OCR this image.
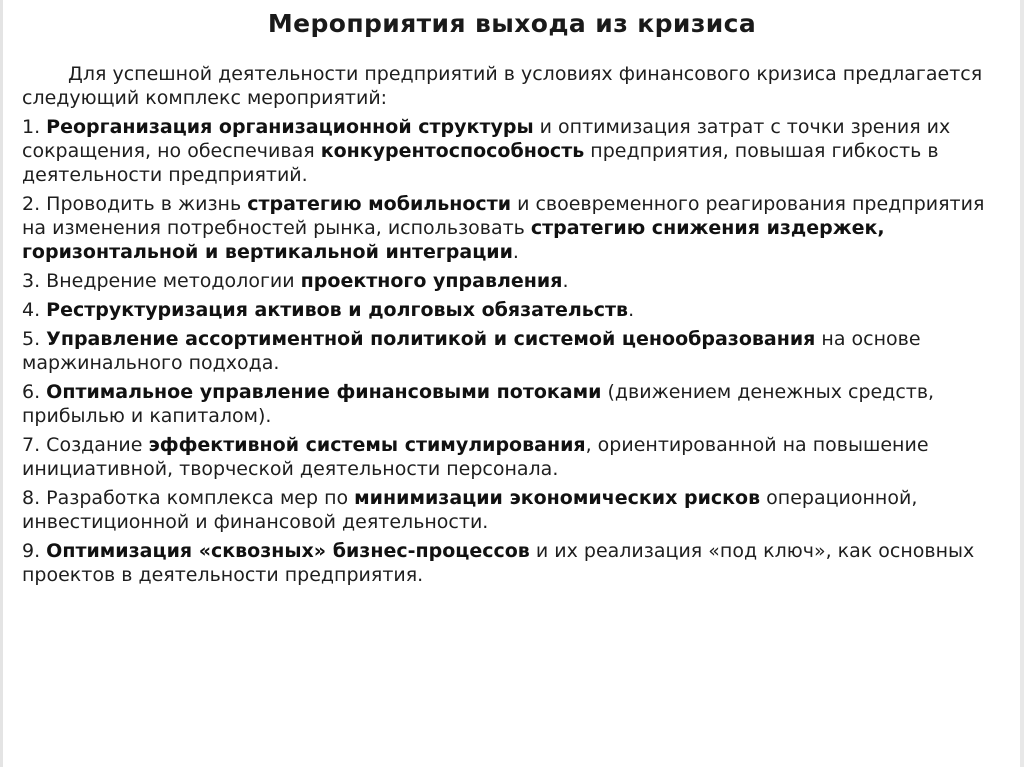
Мероприятия выхода из кризиса

Для успешной деятельности предприятий в условиях финансового кризиса предлагается следующий комплекс мероприятий:

1. Реорганизация организационной структуры и оптимизация затрат с точки зрения их сокращения, но обеспечивая конкурентоспособность предприятия, повышая гибкость в деятельности предприятий.

2. Проводить в жизнь стратегию мобильности и своевременного реагирования предприятия на изменения потребностей рынка, использовать стратегию снижения издержек, горизонтальной и вертикальной интеграции.

3. Внедрение методологии проектного управления.

4. Реструктуризация активов и долговых обязательств.

5. Управление ассортиментной политикой и системой ценообразования на основе маржинального подхода.

6. Оптимальное управление финансовыми потоками (движением денежных средств, прибылью и капиталом).

7. Создание эффективной системы стимулирования, ориентированной на повышение инициативной, творческой деятельности персонала.

8. Разработка комплекса мер по минимизации экономических рисков операционной, инвестиционной и финансовой деятельности.

9. Оптимизация «сквозных» бизнес-процессов и их реализация «под ключ», как основных проектов в деятельности предприятия.
